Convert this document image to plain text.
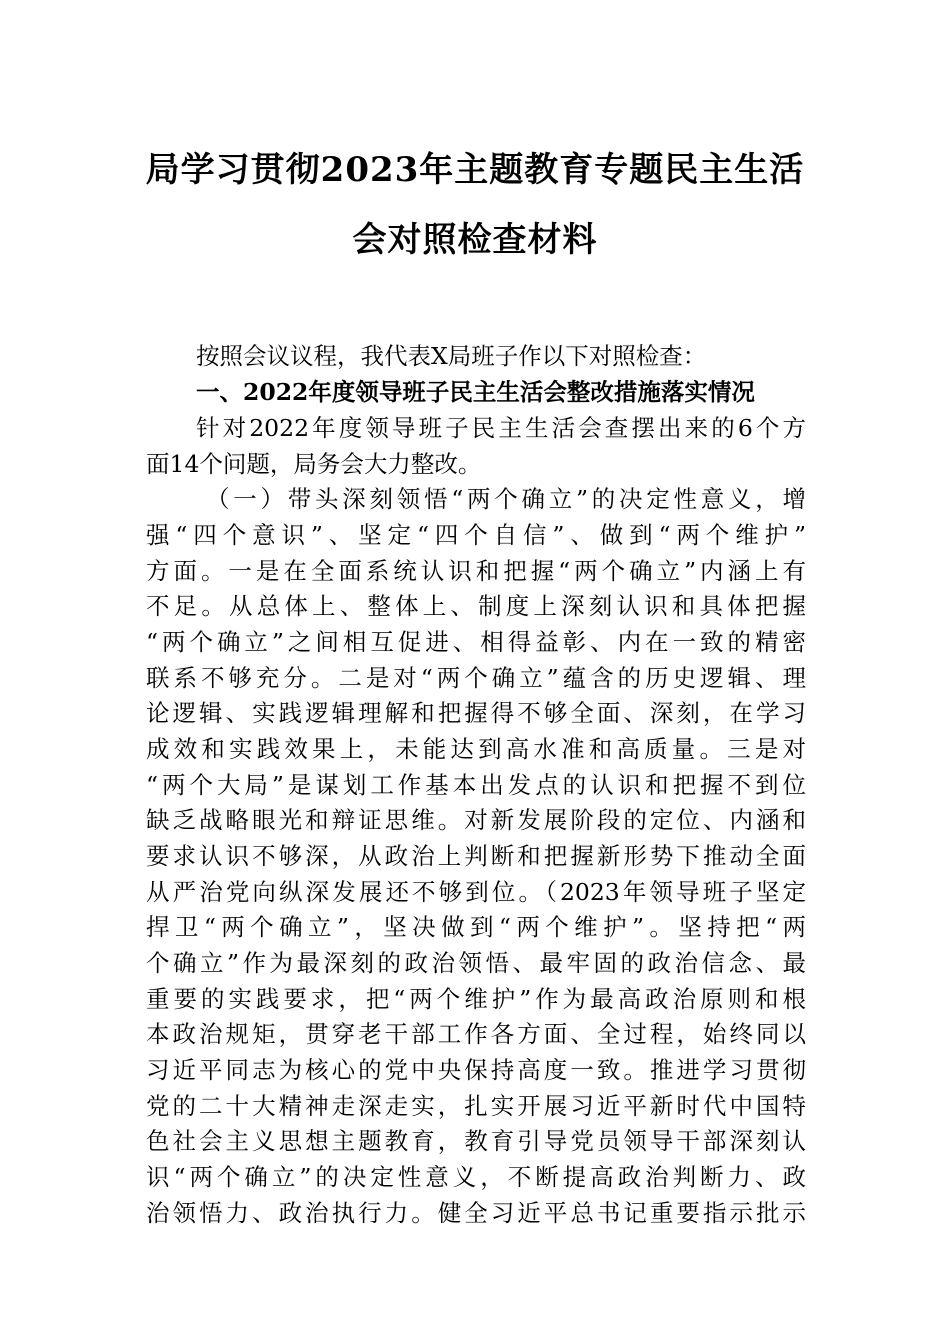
局学习贯彻2023年主题教育专题民主生活
会对照检查材料
按照会议议程，我代表X局班子作以下对照检查：
一、2022年度领导班子民主生活会整改措施落实情况
针对2022年度领导班子民主生活会查摆出来的6个方
面14个问题，局务会大力整改。
（一）带头深刻领悟“两个确立”的决定性意义，增
强“四个意识”、坚定“四个自信”、做到“两个维护”
方面。一是在全面系统认识和把握“两个确立”内涵上有
不足。从总体上、整体上、制度上深刻认识和具体把握
“两个确立”之间相互促进、相得益彰、内在一致的精密
联系不够充分。二是对“两个确立”蕴含的历史逻辑、理
论逻辑、实践逻辑理解和把握得不够全面、深刻，在学习
成效和实践效果上，未能达到高水准和高质量。三是对
“两个大局”是谋划工作基本出发点的认识和把握不到位
缺乏战略眼光和辩证思维。对新发展阶段的定位、内涵和
要求认识不够深，从政治上判断和把握新形势下推动全面
从严治党向纵深发展还不够到位。（2023年领导班子坚定
捍卫“两个确立”，坚决做到“两个维护”。坚持把“两
个确立”作为最深刻的政治领悟、最牢固的政治信念、最
重要的实践要求，把“两个维护”作为最高政治原则和根
本政治规矩，贯穿老干部工作各方面、全过程，始终同以
习近平同志为核心的党中央保持高度一致。推进学习贯彻
党的二十大精神走深走实，扎实开展习近平新时代中国特
色社会主义思想主题教育，教育引导党员领导干部深刻认
识“两个确立”的决定性意义，不断提高政治判断力、政
治领悟力、政治执行力。健全习近平总书记重要指示批示
